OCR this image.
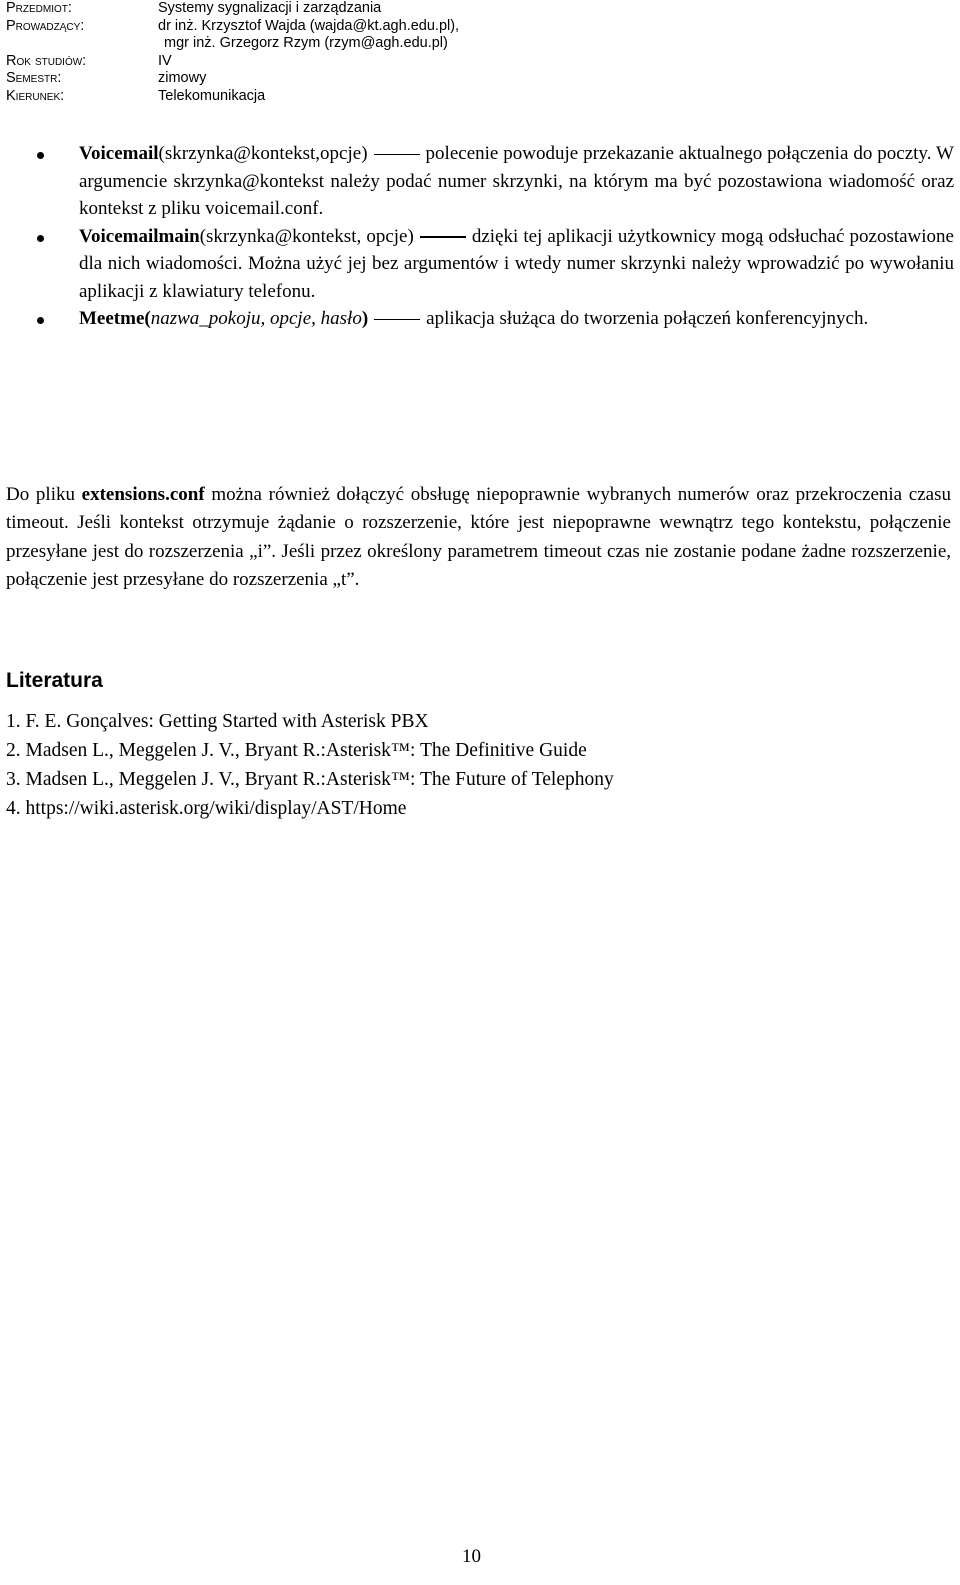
Przedmiot:	Systemy sygnalizacji i zarządzania
Prowadzący:	dr inż. Krzysztof Wajda (wajda@kt.agh.edu.pl),
mgr inż. Grzegorz Rzym (rzym@agh.edu.pl)
Rok studiów:	IV
Semestr:	zimowy
Kierunek:	Telekomunikacja
Voicemail(skrzynka@kontekst,opcje)	polecenie powoduje przekazanie aktualnego połączenia do poczty. W argumencie skrzynka@kontekst należy podać numer skrzynki, na którym ma być pozostawiona wiadomość oraz kontekst z pliku voicemail.conf.
Voicemailmain(skrzynka@kontekst, opcje)	dzięki tej aplikacji użytkownicy mogą odsłuchać pozostawione dla nich wiadomości. Można użyć jej bez argumentów i wtedy numer skrzynki należy wprowadzić po wywołaniu aplikacji z klawiatury telefonu.
Meetme(nazwa_pokoju, opcje, hasło)	aplikacja służąca do tworzenia połączeń konferencyjnych.

Do pliku extensions.conf można również dołączyć obsługę niepoprawnie wybranych numerów oraz przekroczenia czasu timeout. Jeśli kontekst otrzymuje żądanie o rozszerzenie, które jest niepoprawne wewnątrz tego kontekstu, połączenie przesyłane jest do rozszerzenia „i”. Jeśli przez określony parametrem timeout czas nie zostanie podane żadne rozszerzenie, połączenie jest przesyłane do rozszerzenia „t”.

Literatura
1. F. E. Gonçalves: Getting Started with Asterisk PBX
2. Madsen L., Meggelen J. V., Bryant R.:Asterisk™: The Definitive Guide
3. Madsen L., Meggelen J. V., Bryant R.:Asterisk™: The Future of Telephony
4. https://wiki.asterisk.org/wiki/display/AST/Home
10
